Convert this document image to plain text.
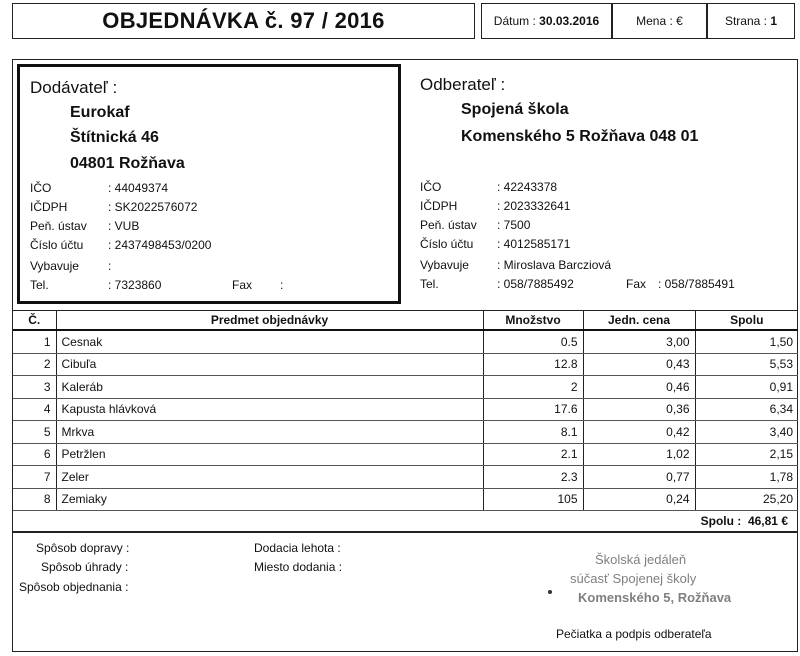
OBJEDNÁVKA č. 97 / 2016	Dátum :
30.03.2016	Mena : €	Strana :
1
Dodávateľ :
Eurokaf
Štítnická 46
04801 Rožňava
IČO	: 44049374
IČDPH	: SK2022576072
Peň. ústav : VUB
Číslo účtu : 2437498453/0200
Vybavuje :
Tel.	: 7323860	Fax :
Odberateľ :
Spojená škola
Komenského 5 Rožňava 048 01
IČO	: 42243378
IČDPH	: 2023332641
Peň. ústav : 7500
Číslo účtu : 4012585171
Vybavuje : Miroslava Barcziová
Tel.	: 058/7885492	Fax : 058/7885491
Č.	Predmet objednávky	Množstvo	Jedn. cena	Spolu
1	Cesnak	0.5	3,00	1,50
2	Cibuľa	12.8	0,43	5,53
3	Kaleráb	2	0,46	0,91
4	Kapusta hlávková	17.6	0,36	6,34
5	Mrkva	8.1	0,42	3,40
6	Petržlen	2.1	1,02	2,15
7	Zeler	2.3	0,77	1,78
8	Zemiaky	105	0,24	25,20
Spolu :  46,81 €
Spôsob dopravy :
Spôsob úhrady :
Spôsob objednania :
Dodacia lehota :
Miesto dodania :	Školská jedáleň
súčasť Spojenej školy
Komenského 5, Rožňava
Pečiatka a podpis odberateľa
